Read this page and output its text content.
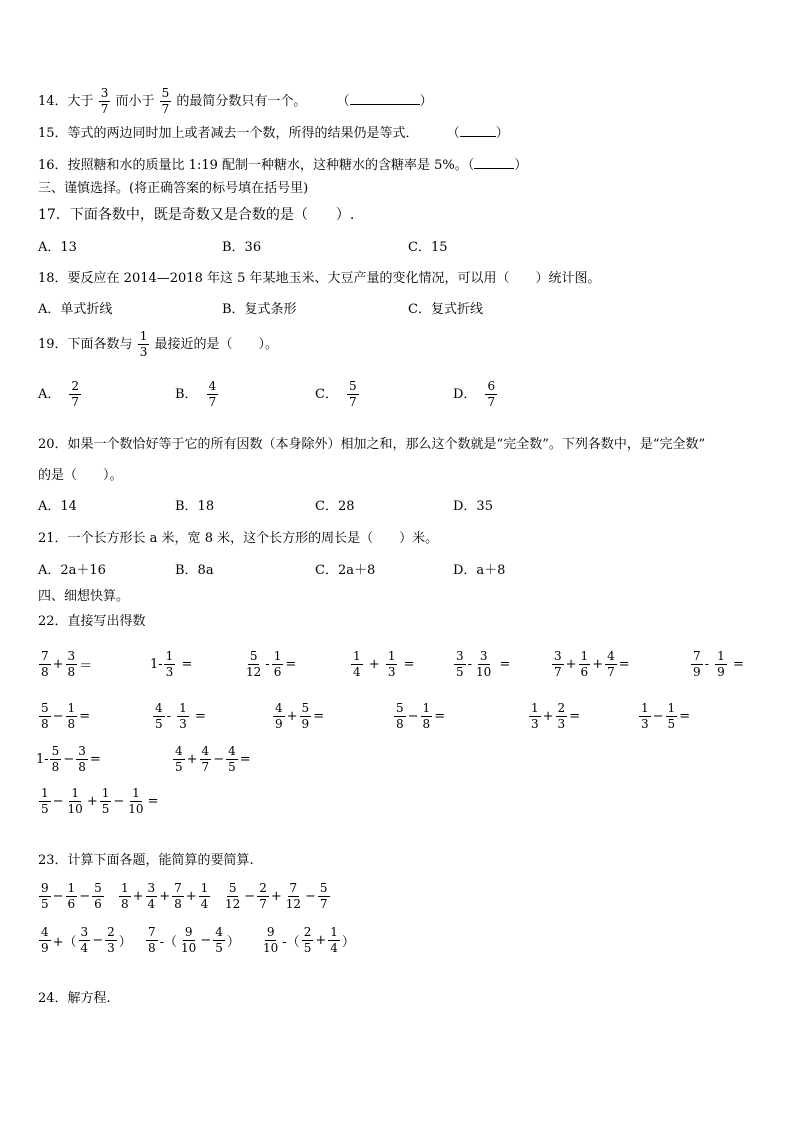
14．大于 $\frac{3}{7}$ 而小于 $\frac{5}{7}$ 的最简分数只有一个。 （	）
15．等式的两边同时加上或者减去一个数，所得的结果仍是等式． （	）
16．按照糖和水的质量比 1:19 配制一种糖水，这种糖水的含糖率是 5%。（	）
三、谨慎选择。(将正确答案的标号填在括号里)
17．下面各数中，既是奇数又是合数的是（　　）.
A．13	B．36	C．15
18．要反应在 2014—2018 年这 5 年某地玉米、大豆产量的变化情况，可以用（　　）统计图。
A．单式折线	B．复式条形	C．复式折线
19．下面各数与 $\frac{1}{3}$ 最接近的是（　　）。
A． $\frac{2}{7}$	B． $\frac{4}{7}$	C． $\frac{5}{7}$	D． $\frac{6}{7}$
20．如果一个数恰好等于它的所有因数（本身除外）相加之和，那么这个数就是“完全数”。下列各数中，是“完全数”
的是（　　）。
A．14	B．18	C．28	D．35
21．一个长方形长 a 米，宽 8 米，这个长方形的周长是（　　）米。
A．2a＋16	B．8a	C．2a＋8	D．a＋8
四、细想快算。
22．直接写出得数
$\frac{7}{8} + \frac{3}{8}$ ＝	$1- \frac{1}{3}$ =	$\frac{5}{12} - \frac{1}{6}$ =	$\frac{1}{4} + \frac{1}{3}$ =	$\frac{3}{5} - \frac{3}{10}$ =	$\frac{3}{7} + \frac{1}{6} + \frac{4}{7}$ =	$\frac{7}{9} - \frac{1}{9}$ =
$\frac{5}{8} - \frac{1}{8}$ =	$\frac{4}{5} - \frac{1}{3}$ =	$\frac{4}{9} + \frac{5}{9}$ =	$\frac{5}{8} - \frac{1}{8}$ =	$\frac{1}{3} + \frac{2}{3}$ =	$\frac{1}{3} - \frac{1}{5}$ =
$1- \frac{5}{8} - \frac{3}{8}$ =	$\frac{4}{5} + \frac{4}{7} - \frac{4}{5}$ =
$\frac{1}{5} - \frac{1}{10} + \frac{1}{5} - \frac{1}{10}$ =
23．计算下面各题，能简算的要简算.
$\frac{9}{5} - \frac{1}{6} - \frac{5}{6} \frac{1}{8} + \frac{3}{4} + \frac{7}{8} + \frac{1}{4} \frac{5}{12} - \frac{2}{7} + \frac{7}{12} - \frac{5}{7}$
$\frac{4}{9}$ +（ $\frac{3}{4} - \frac{2}{3}$ ） $\frac{7}{8}$ -（ $\frac{9}{10} - \frac{4}{5}$ ） $\frac{9}{10}$ -（ $\frac{2}{5} + \frac{1}{4}$ ）
24．解方程.
